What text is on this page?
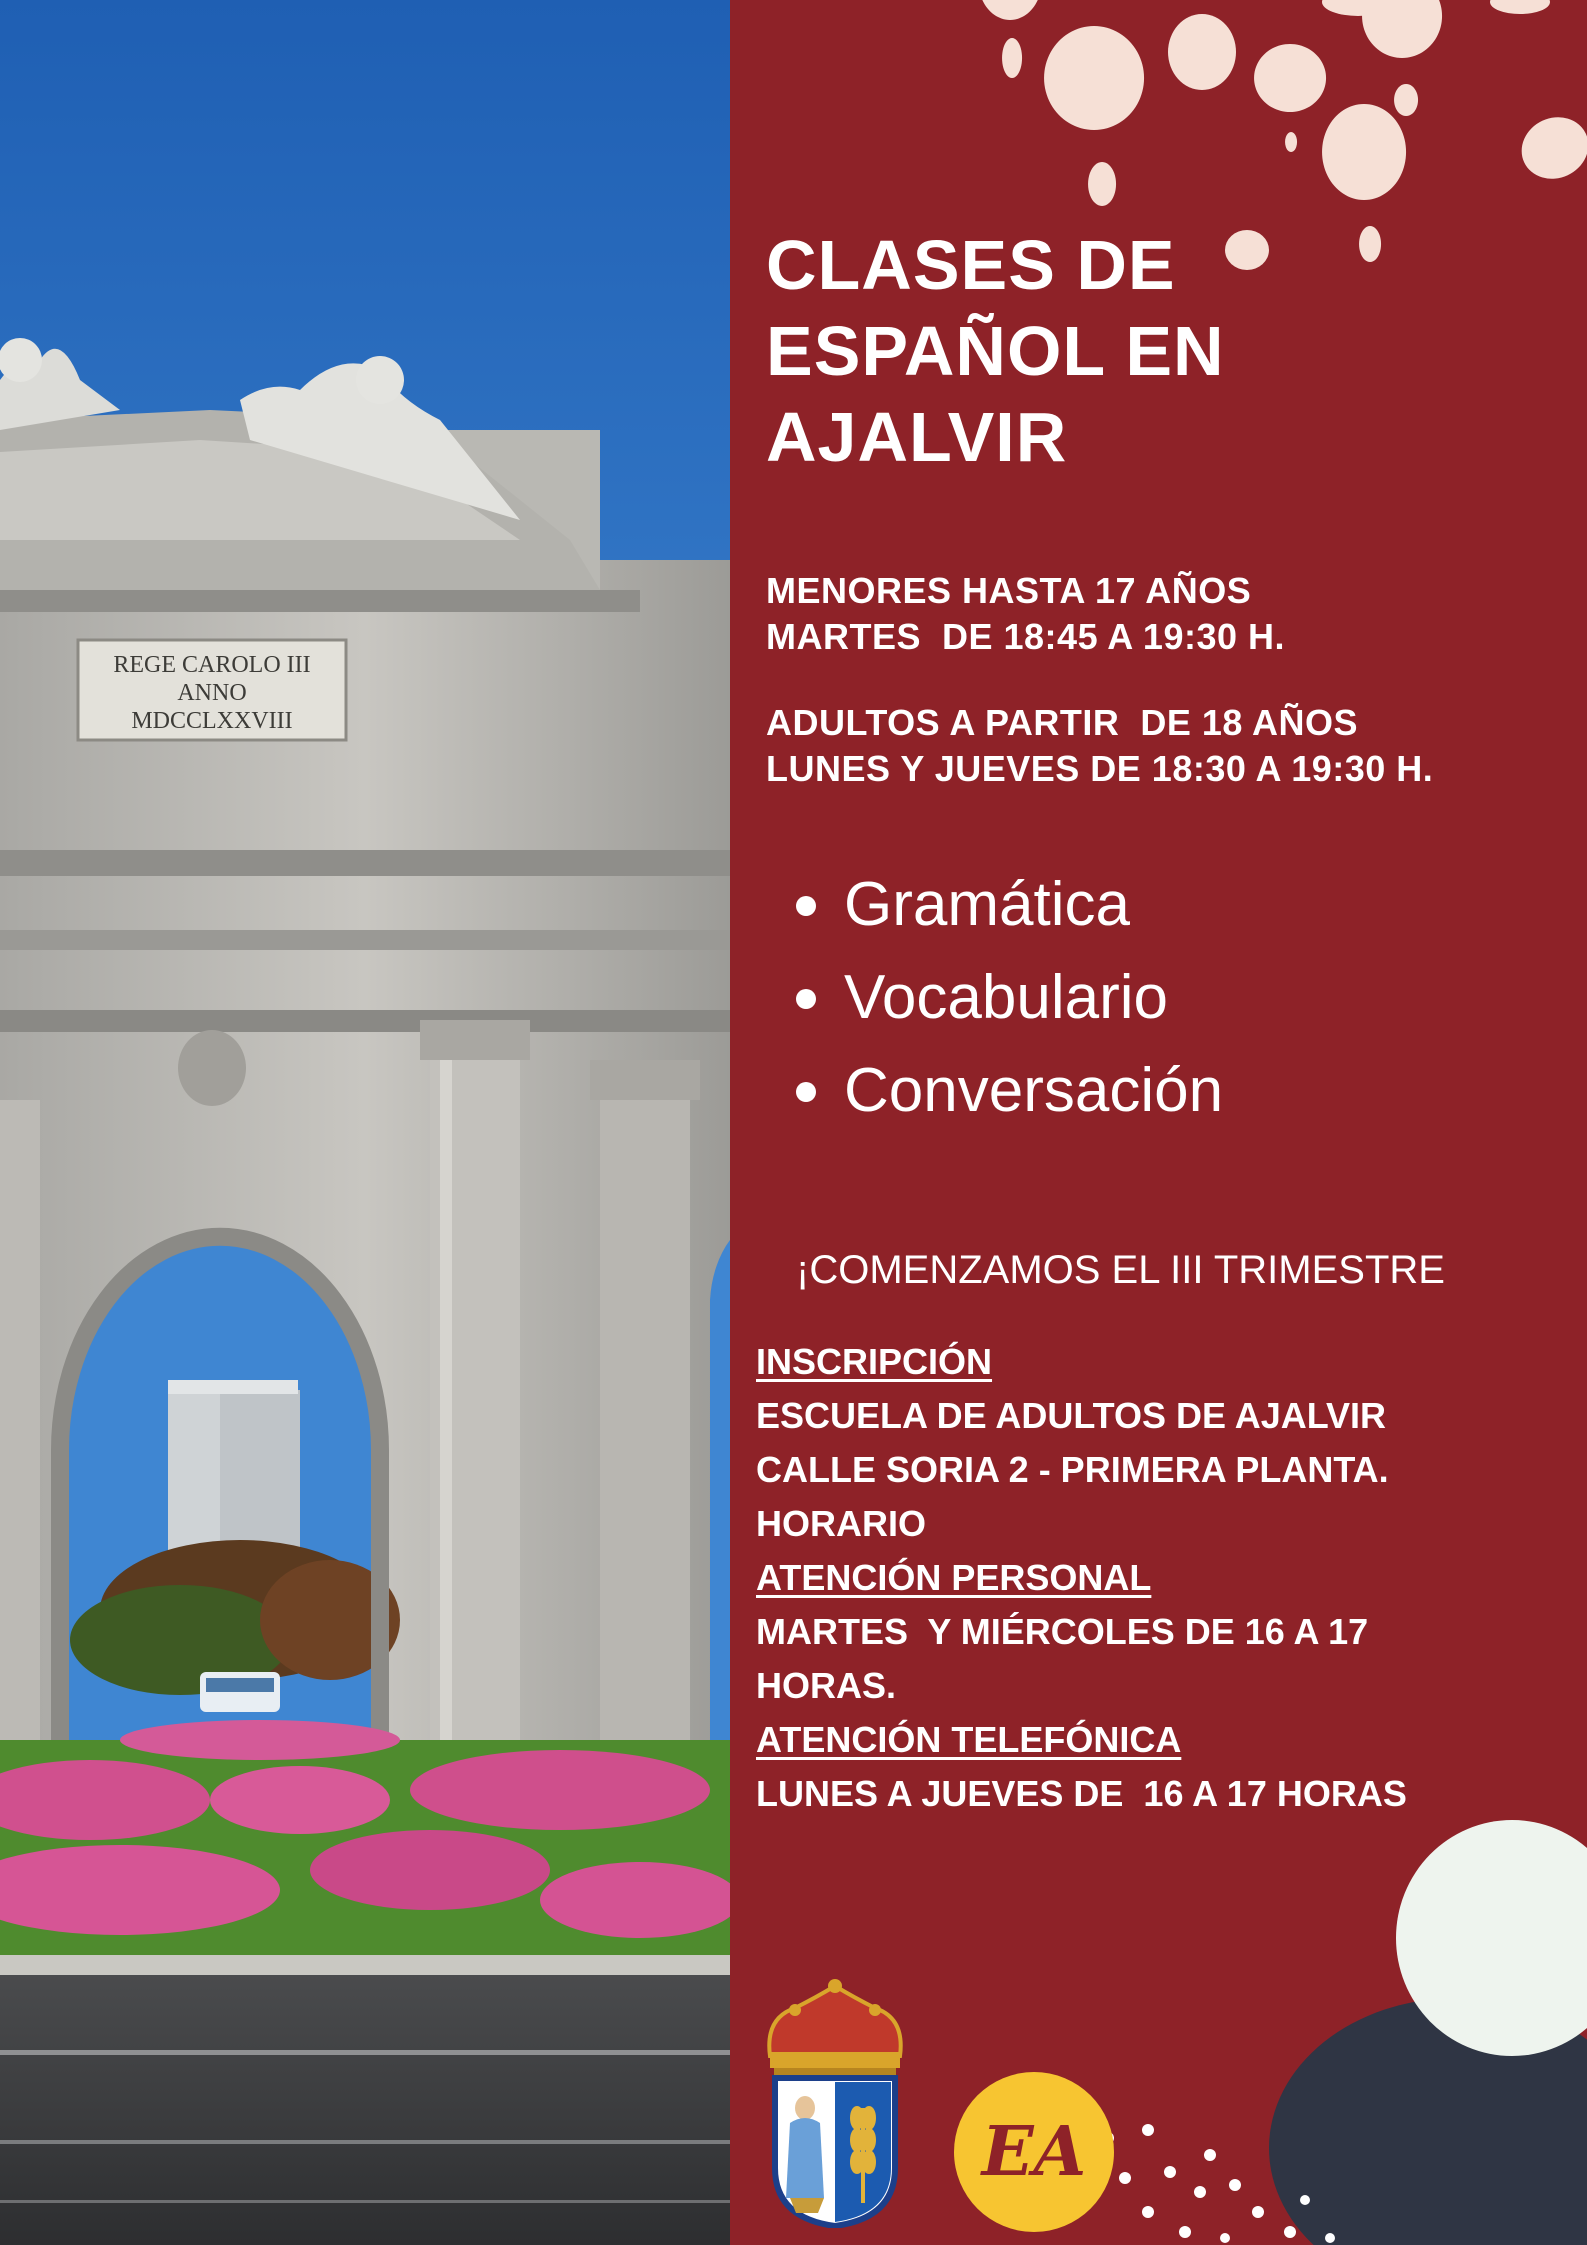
REGE CAROLO III
ANNO
MDCCLXXVIII
CLASES DE
ESPAÑOL EN
AJALVIR
MENORES HASTA 17 AÑOS
MARTES  DE 18:45 A 19:30 H.
ADULTOS A PARTIR  DE 18 AÑOS
LUNES Y JUEVES DE 18:30 A 19:30 H.
Gramática
Vocabulario
Conversación
¡COMENZAMOS EL III TRIMESTRE
INSCRIPCIÓN
ESCUELA DE ADULTOS DE AJALVIR
CALLE SORIA 2 - PRIMERA PLANTA.
HORARIO
ATENCIÓN PERSONAL
MARTES  Y MIÉRCOLES DE 16 A 17
HORAS.
ATENCIÓN TELEFÓNICA
LUNES A JUEVES DE  16 A 17 HORAS
EA
